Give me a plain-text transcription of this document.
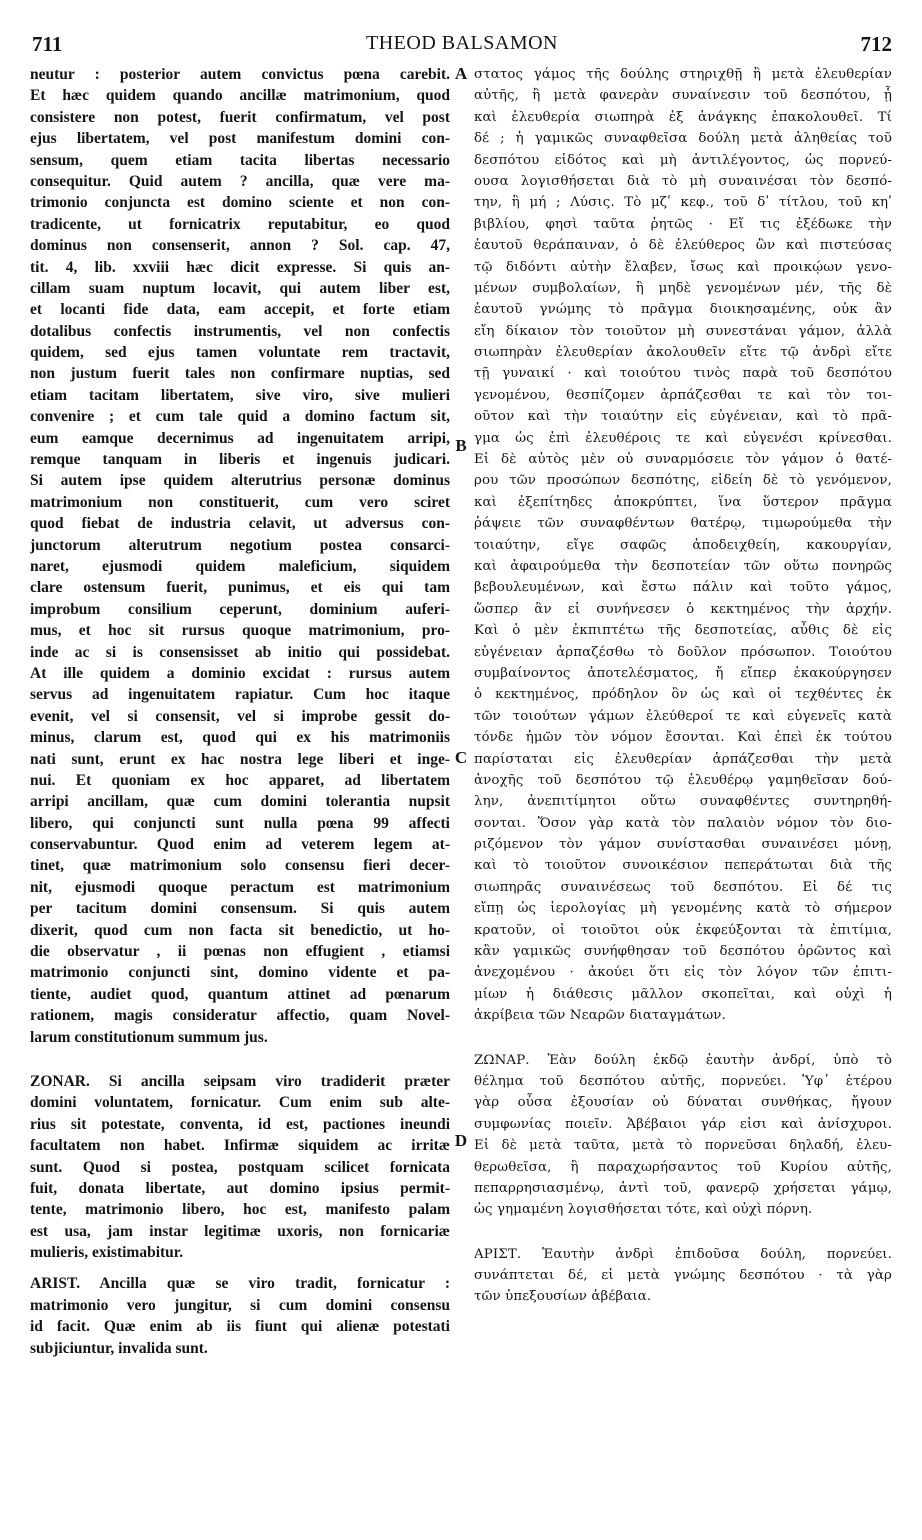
711	THEOD BALSAMON	712
A
B
C
D
neutur : posterior autem convictus pœna carebit.
Et hæc quidem quando ancillæ matrimonium, quod
consistere non potest, fuerit confirmatum, vel post
ejus libertatem, vel post manifestum domini con-
sensum, quem etiam tacita libertas necessario
consequitur. Quid autem ? ancilla, quæ vere ma-
trimonio conjuncta est domino sciente et non con-
tradicente, ut fornicatrix reputabitur, eo quod
dominus non consenserit, annon ? Sol. cap. 47,
tit. 4, lib. xxviii hæc dicit expresse. Si quis an-
cillam suam nuptum locavit, qui autem liber est,
et locanti fide data, eam accepit, et forte etiam
dotalibus confectis instrumentis, vel non confectis
quidem, sed ejus tamen voluntate rem tractavit,
non justum fuerit tales non confirmare nuptias, sed
etiam tacitam libertatem, sive viro, sive mulieri
convenire ; et cum tale quid a domino factum sit,
eum eamque decernimus ad ingenuitatem arripi,
remque tanquam in liberis et ingenuis judicari.
Si autem ipse quidem alterutrius personæ dominus
matrimonium non constituerit, cum vero sciret
quod fiebat de industria celavit, ut adversus con-
junctorum alterutrum negotium postea consarci-
naret, ejusmodi quidem maleficium, siquidem
clare ostensum fuerit, punimus, et eis qui tam
improbum consilium ceperunt, dominium auferi-
mus, et hoc sit rursus quoque matrimonium, pro-
inde ac si is consensisset ab initio qui possidebat.
At ille quidem a dominio excidat : rursus autem
servus ad ingenuitatem rapiatur. Cum hoc itaque
evenit, vel si consensit, vel si improbe gessit do-
minus, clarum est, quod qui ex his matrimoniis
nati sunt, erunt ex hac nostra lege liberi et inge-
nui. Et quoniam ex hoc apparet, ad libertatem
arripi ancillam, quæ cum domini tolerantia nupsit
libero, qui conjuncti sunt nulla pœna 99 affecti
conservabuntur. Quod enim ad veterem legem at-
tinet, quæ matrimonium solo consensu fieri decer-
nit, ejusmodi quoque peractum est matrimonium
per tacitum domini consensum. Si quis autem
dixerit, quod cum non facta sit benedictio, ut ho-
die observatur , ii pœnas non effugient , etiamsi
matrimonio conjuncti sint, domino vidente et pa-
tiente, audiet quod, quantum attinet ad pœnarum
rationem, magis consideratur affectio, quam Novel-
larum constitutionum summum jus.
ZONAR. Si ancilla seipsam viro tradiderit præter
domini voluntatem, fornicatur. Cum enim sub alte-
rius sit potestate, conventa, id est, pactiones ineundi
facultatem non habet. Infirmæ siquidem ac irritæ
sunt. Quod si postea, postquam scilicet fornicata
fuit, donata libertate, aut domino ipsius permit-
tente, matrimonio libero, hoc est, manifesto palam
est usa, jam instar legitimæ uxoris, non fornicariæ
mulieris, existimabitur.
ARIST. Ancilla quæ se viro tradit, fornicatur :
matrimonio vero jungitur, si cum domini consensu
id facit. Quæ enim ab iis fiunt qui alienæ potestati
subjiciuntur, invalida sunt.
στατος γάμος τῆς δούλης στηριχθῇ ἢ μετὰ ἐλευθερίαν
αὐτῆς, ἢ μετὰ φανερὰν συναίνεσιν τοῦ δεσπότου, ᾗ
καὶ ἐλευθερία σιωπηρὰ ἐξ ἀνάγκης ἐπακολουθεῖ. Τί
δέ ; ἡ γαμικῶς συναφθεῖσα δούλη μετὰ ἀληθείας τοῦ
δεσπότου εἰδότος καὶ μὴ ἀντιλέγοντος, ὡς πορνεύ-
ουσα λογισθήσεται διὰ τὸ μὴ συναινέσαι τὸν δεσπό-
την, ἢ μή ; Λύσις. Τὸ μζʹ κεφ., τοῦ δʹ τίτλου, τοῦ κηʹ
βιβλίου, φησὶ ταῦτα ῥητῶς · Εἴ τις ἐξέδωκε τὴν
ἑαυτοῦ θεράπαιναν, ὁ δὲ ἐλεύθερος ὢν καὶ πιστεύσας
τῷ διδόντι αὐτὴν ἔλαβεν, ἴσως καὶ προικῴων γενο-
μένων συμβολαίων, ἢ μηδὲ γενομένων μέν, τῆς δὲ
ἑαυτοῦ γνώμης τὸ πρᾶγμα διοικησαμένης, οὐκ ἂν
εἴη δίκαιον τὸν τοιοῦτον μὴ συνεστάναι γάμον, ἀλλὰ
σιωπηρὰν ἐλευθερίαν ἀκολουθεῖν εἴτε τῷ ἀνδρὶ εἴτε
τῇ γυναικί · καὶ τοιούτου τινὸς παρὰ τοῦ δεσπότου
γενομένου, θεσπίζομεν ἁρπάζεσθαι τε καὶ τὸν τοι-
οῦτον καὶ τὴν τοιαύτην εἰς εὐγένειαν, καὶ τὸ πρᾶ-
γμα ὡς ἐπὶ ἐλευθέροις τε καὶ εὐγενέσι κρίνεσθαι.
Εἰ δὲ αὐτὸς μὲν οὐ συναρμόσειε τὸν γάμον ὁ θατέ-
ρου τῶν προσώπων δεσπότης, εἰδείη δὲ τὸ γενόμενον,
καὶ ἐξεπίτηδες ἀποκρύπτει, ἵνα ὕστερον πρᾶγμα
ῥάψειε τῶν συναφθέντων θατέρῳ, τιμωρούμεθα τὴν
τοιαύτην, εἴγε σαφῶς ἀποδειχθείη, κακουργίαν,
καὶ ἀφαιρούμεθα τὴν δεσποτείαν τῶν οὕτω πονηρῶς
βεβουλευμένων, καὶ ἔστω πάλιν καὶ τοῦτο γάμος,
ὥσπερ ἂν εἰ συνήνεσεν ὁ κεκτημένος τὴν ἀρχήν.
Καὶ ὁ μὲν ἐκπιπτέτω τῆς δεσποτείας, αὖθις δὲ εἰς
εὐγένειαν ἁρπαζέσθω τὸ δοῦλον πρόσωπον. Τοιούτου
συμβαίνοντος ἀποτελέσματος, ἤ εἴπερ ἐκακούργησεν
ὁ κεκτημένος, πρόδηλον ὃν ὡς καὶ οἱ τεχθέντες ἐκ
τῶν τοιούτων γάμων ἐλεύθεροί τε καὶ εὐγενεῖς κατὰ
τόνδε ἡμῶν τὸν νόμον ἔσονται. Καὶ ἐπεὶ ἐκ τούτου
παρίσταται εἰς ἐλευθερίαν ἁρπάζεσθαι τὴν μετὰ
ἀνοχῆς τοῦ δεσπότου τῷ ἐλευθέρῳ γαμηθεῖσαν δού-
λην, ἀνεπιτίμητοι οὕτω συναφθέντες συντηρηθή-
σονται. Ὅσον γὰρ κατὰ τὸν παλαιὸν νόμον τὸν διο-
ριζόμενον τὸν γάμον συνίστασθαι συναινέσει μόνῃ,
καὶ τὸ τοιοῦτον συνοικέσιον πεπεράτωται διὰ τῆς
σιωπηρᾶς συναινέσεως τοῦ δεσπότου. Εἰ δέ τις
εἴπῃ ὡς ἱερολογίας μὴ γενομένης κατὰ τὸ σήμερον
κρατοῦν, οἱ τοιοῦτοι οὐκ ἐκφεύξονται τὰ ἐπιτίμια,
κἂν γαμικῶς συνήφθησαν τοῦ δεσπότου ὁρῶντος καὶ
ἀνεχομένου · ἀκούει ὅτι εἰς τὸν λόγον τῶν ἐπιτι-
μίων ἡ διάθεσις μᾶλλον σκοπεῖται, καὶ οὐχὶ ἡ
ἀκρίβεια τῶν Νεαρῶν διαταγμάτων.
ΖΩΝΑΡ. Ἐὰν δούλη ἐκδῷ ἑαυτὴν ἀνδρί, ὑπὸ τὸ
θέλημα τοῦ δεσπότου αὐτῆς, πορνεύει. Ὑφ᾽ ἑτέρου
γὰρ οὖσα ἐξουσίαν οὐ δύναται συνθήκας, ἤγουν
συμφωνίας ποιεῖν. Ἀβέβαιοι γάρ εἰσι καὶ ἀνίσχυροι.
Εἰ δὲ μετὰ ταῦτα, μετὰ τὸ πορνεῦσαι δηλαδή, ἐλευ-
θερωθεῖσα, ἢ παραχωρήσαντος τοῦ Κυρίου αὐτῆς,
πεπαρρησιασμένῳ, ἀντὶ τοῦ, φανερῷ χρήσεται γάμῳ,
ὡς γημαμένη λογισθήσεται τότε, καὶ οὐχὶ πόρνη.
ΑΡΙΣΤ. Ἑαυτὴν ἀνδρὶ ἐπιδοῦσα δούλη, πορνεύει.
συνάπτεται δέ, εἰ μετὰ γνώμης δεσπότου · τὰ γὰρ
τῶν ὑπεξουσίων ἀβέβαια.
